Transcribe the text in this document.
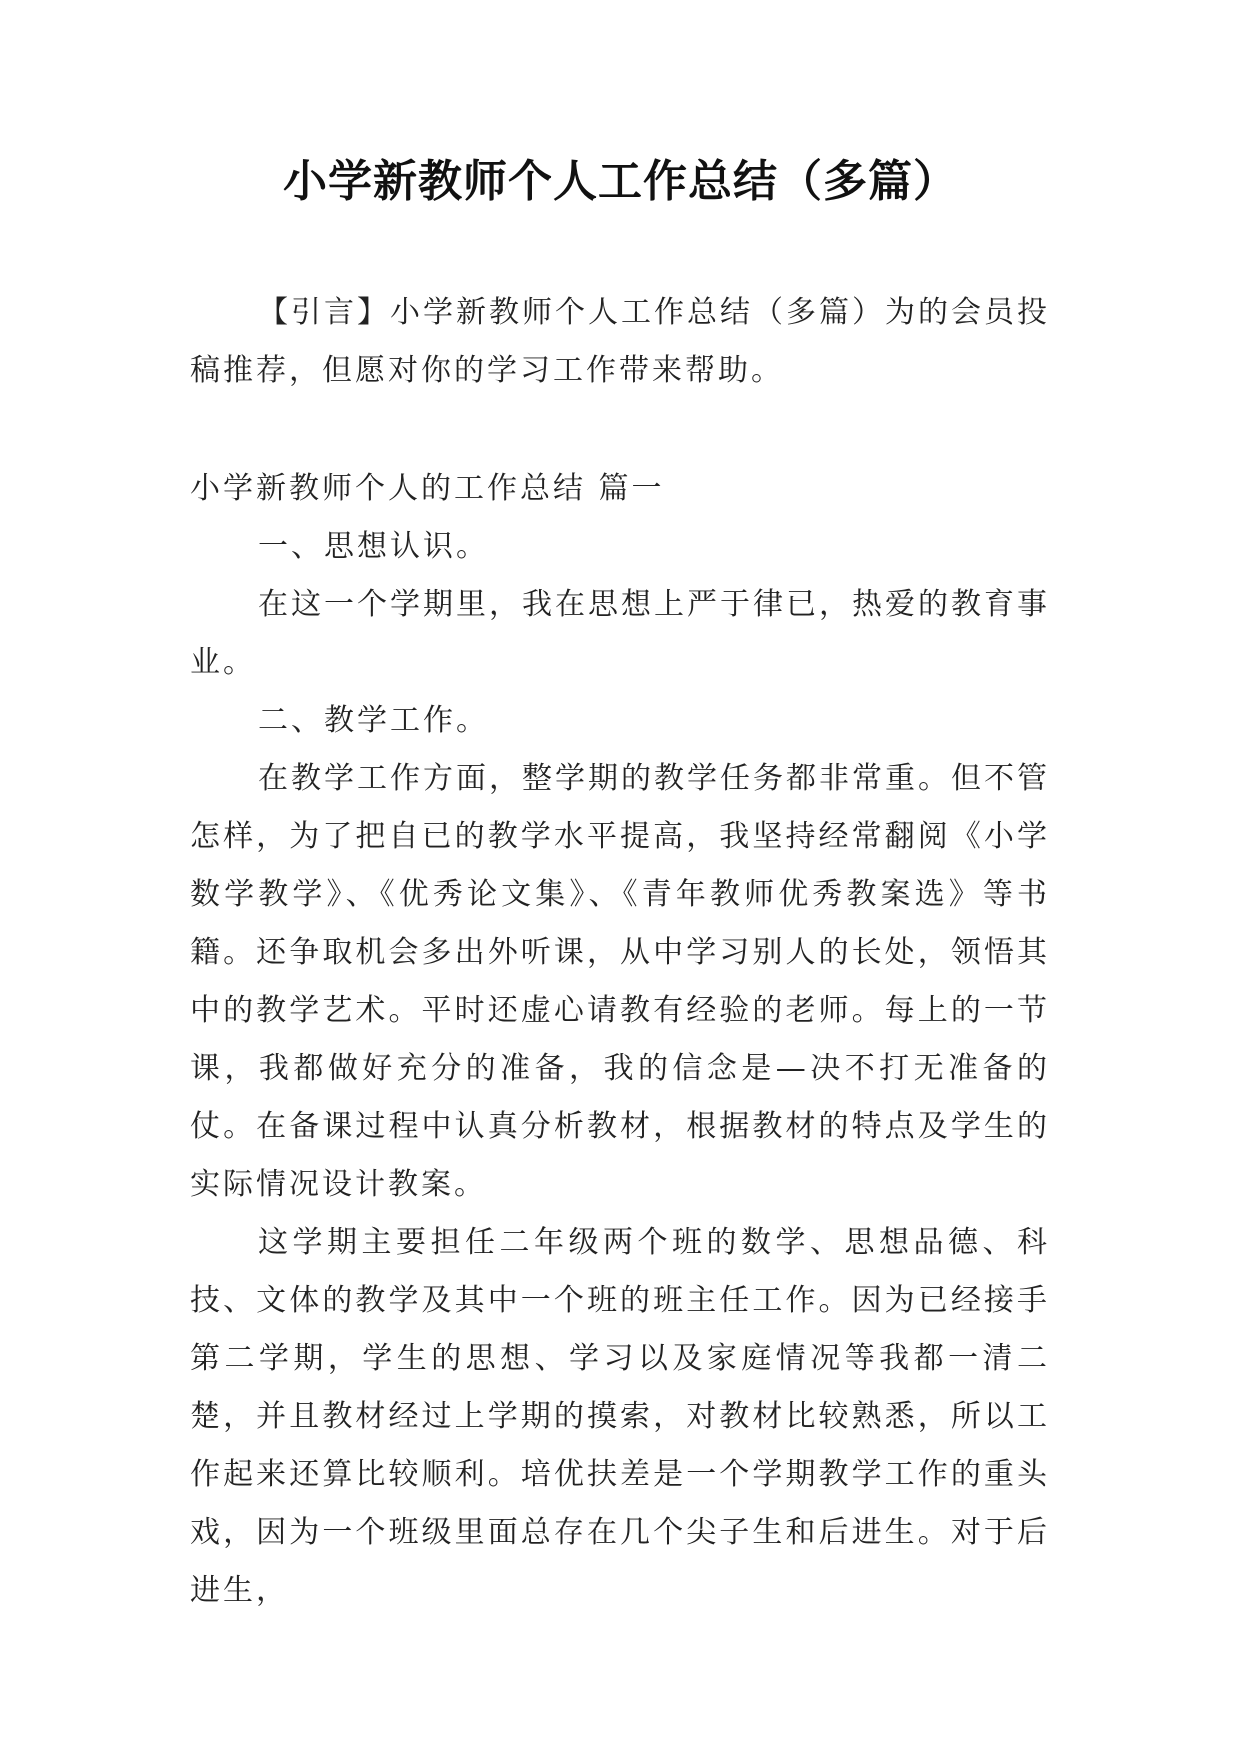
小学新教师个人工作总结（多篇）

【引言】小学新教师个人工作总结（多篇）为的会员投稿推荐，但愿对你的学习工作带来帮助。

小学新教师个人的工作总结 篇一

一、思想认识。

在这一个学期里，我在思想上严于律已，热爱的教育事业。

二、教学工作。

在教学工作方面，整学期的教学任务都非常重。但不管怎样，为了把自已的教学水平提高，我坚持经常翻阅《小学数学教学》、《优秀论文集》、《青年教师优秀教案选》等书籍。还争取机会多出外听课，从中学习别人的长处，领悟其中的教学艺术。平时还虚心请教有经验的老师。每上的一节课，我都做好充分的准备，我的信念是—决不打无准备的仗。在备课过程中认真分析教材，根据教材的特点及学生的实际情况设计教案。

这学期主要担任二年级两个班的数学、思想品德、科技、文体的教学及其中一个班的班主任工作。因为已经接手第二学期，学生的思想、学习以及家庭情况等我都一清二楚，并且教材经过上学期的摸索，对教材比较熟悉，所以工作起来还算比较顺利。培优扶差是一个学期教学工作的重头戏，因为一个班级里面总存在几个尖子生和后进生。对于后进生，
